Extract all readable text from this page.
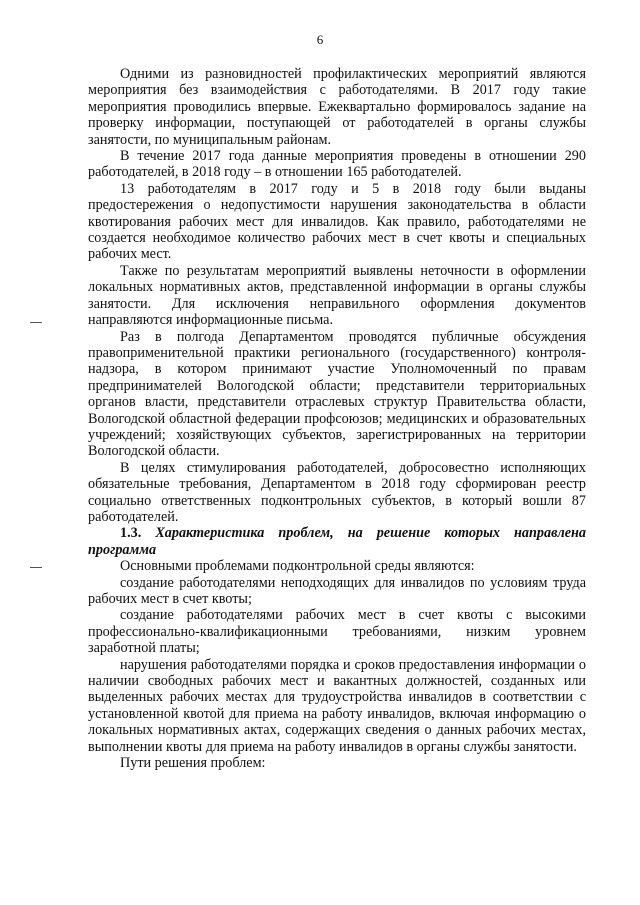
6

Одними из разновидностей профилактических мероприятий являются мероприятия без взаимодействия с работодателями. В 2017 году такие мероприятия проводились впервые. Ежеквартально формировалось задание на проверку информации, поступающей от работодателей в органы службы занятости, по муниципальным районам.

В течение 2017 года данные мероприятия проведены в отношении 290 работодателей, в 2018 году – в отношении 165 работодателей.

13 работодателям в 2017 году и 5 в 2018 году были выданы предостережения о недопустимости нарушения законодательства в области квотирования рабочих мест для инвалидов. Как правило, работодателями не создается необходимое количество рабочих мест в счет квоты и специальных рабочих мест.

Также по результатам мероприятий выявлены неточности в оформлении локальных нормативных актов, представленной информации в органы службы занятости. Для исключения неправильного оформления документов направляются информационные письма.

Раз в полгода Департаментом проводятся публичные обсуждения правоприменительной практики регионального (государственного) контроля-надзора, в котором принимают участие Уполномоченный по правам предпринимателей Вологодской области; представители территориальных органов власти, представители отраслевых структур Правительства области, Вологодской областной федерации профсоюзов; медицинских и образовательных учреждений; хозяйствующих субъектов, зарегистрированных на территории Вологодской области.

В целях стимулирования работодателей, добросовестно исполняющих обязательные требования, Департаментом в 2018 году сформирован реестр социально ответственных подконтрольных субъектов, в который вошли 87 работодателей.

1.3. Характеристика проблем, на решение которых направлена программа

Основными проблемами подконтрольной среды являются:

создание работодателями неподходящих для инвалидов по условиям труда рабочих мест в счет квоты;

создание работодателями рабочих мест в счет квоты с высокими профессионально-квалификационными требованиями, низким уровнем заработной платы;

нарушения работодателями порядка и сроков предоставления информации о наличии свободных рабочих мест и вакантных должностей, созданных или выделенных рабочих местах для трудоустройства инвалидов в соответствии с установленной квотой для приема на работу инвалидов, включая информацию о локальных нормативных актах, содержащих сведения о данных рабочих местах, выполнении квоты для приема на работу инвалидов в органы службы занятости.

Пути решения проблем:
